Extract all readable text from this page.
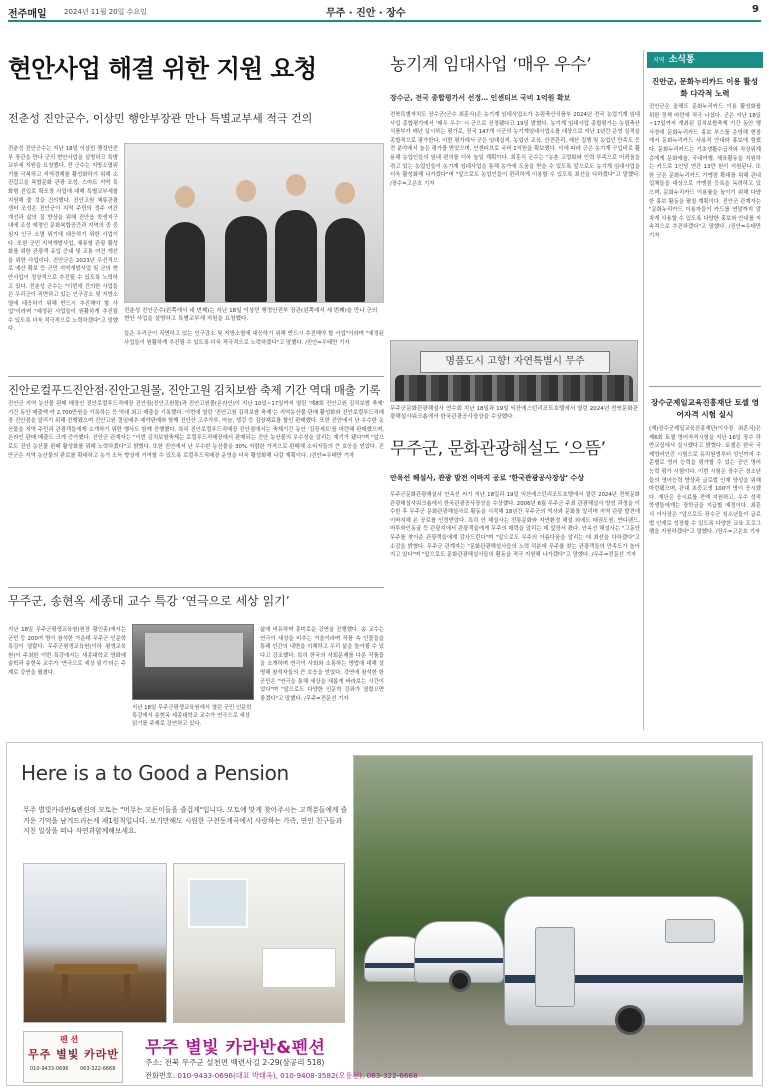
전주매일 2024년 11월 20일 수요일	무주 · 진안 · 장수	9
현안사업 해결 위한 지원 요청
전춘성 진안군수, 이상민 행안부장관 만나 특별교부세 적극 건의
전춘성 진안군수는 지난 18일 이상민 행정안전부 장관을 만나 군의 현안사업을 설명하고 특별교부세 지원을 요청했다. 전 군수는 지방소멸위기를 극복하고 지역경제를 활성화하기 위해 소진갑고을 복합문화 관광 조성, 스마트 지역 특화형 진입로 확포장 사업에 대해 특별교부세를 지원해 줄 것을 건의했다. 진안고원 체류관광 센터 조성은 진안군이 지역 주민의 정주 여건 개선과 삶의 질 향상을 위해 진안읍 학생지구 내에 조성 예정인 문화복합공간과 지역의 중 중심지 인구 소멸 위기에 대응하기 위한 사업이다. 또한 군민 지역개발사업, 체류형 관광 활성화를 위한 관광객 유입 증대 및 교통 여건 개선을 위한 사업이다. 진안군은 2023년 우선적으로 예산 확보 등 군민 지역개발사업 및 군의 현안사업이 정상적으로 추진될 수 있도록 노력하고 있다. 전춘성 군수는 "이번에 건의한 사업들은 우리군이 직면하고 있는 인구감소 및 지방소멸에 대응하기 위해 반드시 추진해야 할 사업"이라며 "예정된 사업들이 원활하게 추진될 수 있도록 더욱 적극적으로 노력하겠다"고 말했다.
전춘성 진안군수(왼쪽에서 네 번째)는 지난 18일 이상민 행정안전부 장관(왼쪽에서 세 번째)을 만나 군의 현안 사업을 설명하고 특별교부세 지원을 요청했다.
들은 우리군이 직면하고 있는 인구감소 및 지방소멸에 대응하기 위해 반드시 추진해야 할 사업"이라며 "예정된 사업들이 원활하게 추진될 수 있도록 더욱 적극적으로 노력하겠다"고 말했다. /진안=우태만 기자
농기계 임대사업 ‘매우 우수’
장수군, 전국 종합평가서 선정… 인센티브 국비 1억원 확보
전북특별자치도 장수군(군수 최훈식)은 농기계 임대사업소가 농림축산식품부 2024년 전국 농업기계 임대사업 종합평가에서 '매우 우수' 시·군으로 선정됐다고 19일 밝혔다. 농기계 임대사업 종합평가는 농림축산식품부가 매년 실시하는 평가로, 전국 147개 시군의 농기계임대사업소를 대상으로 지난 1년간 운영 실적을 종합적으로 평가한다. 이번 평가에서 군은 임대실적, 농업인 교육, 안전관리, 예산 집행 및 농업인 만족도 등 전 분야에서 높은 평가를 받았으며, 인센티브로 국비 1억원을 확보했다. 이에 따라 군은 농기계 구입비로 활용해 농업인들의 임대 편의를 더욱 높일 계획이다. 최훈식 군수는 "농촌 고령화와 인력 부족으로 어려움을 겪고 있는 농업인들이 농기계 임대사업을 통해 농가에 도움을 받을 수 있도록 앞으로도 농기계 임대사업을 더욱 활성화해 나가겠다"며 "앞으로도 농업인들이 편리하게 이용할 수 있도록 최선을 다하겠다"고 말했다. /장수=고은호 기자
명품도시 고향! 자연특별시 무주
무주군문화관광해설사 연수회 지난 18일과 19일 익산에스턴리조트호텔에서 열린 2024년 전북문화관광해설사워크숍에서 한국관광공사장상을 수상했다.
무주군, 문화관광해설도 ‘으뜸’
안옥선 해설사, 관광 발전 이바지 공로 ‘한국관광공사장상’ 수상
무주군문화관광해설사 안옥선 씨가 지난 18일과 19일 익산에스턴리조트호텔에서 열린 2024년 전북문화관광해설사워크숍에서 한국관광공사장상을 수상했다. 2006년 6월 무주군 주최 관광해설사 양성 과정을 이수한 후 무주군 문화관광해설사로 활동을 시작해 18년간 무주군의 역사와 문화를 알리며 지역 관광 발전에 이바지해 온 공로를 인정받았다. 특히 안 해설사는 전통문화와 자연환경 해설 외에도 태권도원, 반디랜드, 머루와인동굴 등 관광지에서 관광객들에게 무주의 매력을 알리는 데 앞장서 왔다. 안옥선 해설사는 "그동안 무주를 찾아준 관광객들에게 감사드린다"며 "앞으로도 무주의 아름다움을 알리는 데 최선을 다하겠다"고 소감을 밝혔다. 무주군 관계자는 "문화관광해설사들의 노력 덕분에 무주를 찾는 관광객들의 만족도가 높아지고 있다"며 "앞으로도 문화관광해설사들의 활동을 적극 지원해 나가겠다"고 말했다. /무주=전문선 기자
진안로컬푸드진안점·진안고원몰, 진안고원 김치보쌈 축제 기간 역대 매출 기록
진안군 지역 농산물 판매 매장인 진안로컬푸드직매장 진안점(진안고원몰)과 진안고원몰(온라인)이 지난 10일~17일까지 열린 '제8회 진안고원 김치보쌈 축제' 기간 동안 매출액 약 2,700만원을 기록하는 등 역대 최고 매출을 기록했다. 이번에 열린 '진안고원 김치보쌈 축제'는 지역농산물 판매 활성화와 진안로컬푸드직매장 진안점을 알리기 위해 진행됐으며 진안고원 절임배추 예약판매와 함께 진안산 고추가루, 마늘, 생강 등 김장재료를 할인 판매했다. 또한 진안에서 난 우수한 농산물을 지역 주민과 관광객들에게 소개하기 위한 행사도 함께 진행했다. 특히 진안로컬푸드직매장 진안점에서는 축제기간 동안 '김장세트'를 마련해 판매했으며, 온라인 판매 매출도 크게 증가했다. 진안군 관계자는 "이번 김치보쌈축제는 로컬푸드직매장에서 판매되는 진안 농산물의 우수성을 알리는 계기가 됐다"며 "앞으로도 진안 농산물 판매 활성화를 위해 노력하겠다"고 밝혔다. 또한 진안에서 난 우수한 농산물을 30% 저렴한 가격으로 판매해 소비자들의 큰 호응을 얻었다. 진안군은 지역 농산물의 판로를 확대하고 농가 소득 향상에 기여할 수 있도록 로컬푸드직매장 운영을 더욱 활성화해 나갈 계획이다. /진안=우태만 기자
무주군, 송현옥 세종대 교수 특강 ‘연극으로 세상 읽기’
지난 18일 무주군평생교육원(원장 황인홍)에서는 군민 등 200여 명이 참석한 가운데 무주군 인문학 특강이 열렸다. 무주군평생교육원(이하 평생교육원)이 주최한 이번 특강에서는 세종대학교 영화예술학과 송현옥 교수가 '연극으로 세상 읽기'라는 주제로 강연을 펼쳤다.
지난 18일 무주군평생교육원에서 열린 군민 인문학 특강에서 송현옥 세종대학교 교수가 연극으로 세상 읽기를 주제로 강연하고 있다.
삶에 비유하며 흥미로운 강연을 진행했다. 송 교수는 연극이 세상을 비추는 거울이라며 작품 속 인물들을 통해 인간의 내면을 이해하고 우리 삶을 돌아볼 수 있다고 강조했다. 특히 한국의 사회문제를 다룬 작품들을 소개하며 연극이 사회와 소통하는 방법에 대해 설명해 참석자들의 큰 호응을 얻었다. 강연에 참석한 한 군민은 "연극을 통해 세상을 새롭게 바라보는 시간이었다"며 "앞으로도 다양한 인문학 강좌가 열렸으면 좋겠다"고 말했다. /무주=전문선 기자
지역 소식통
진안군, 문화누리카드 이용 활성화 다각적 노력
진안군은 올해도 문화누리카드 이용 활성화를 위한 정책 마련에 적극 나섰다. 군은 지난 18일~17일까지 개최된 김치보쌈축제 기간 동안 행사장에 문화누리카드 홍보 부스를 운영해 현장에서 문화누리카드 사용처 안내와 홍보에 힘썼다. 문화누리카드는 기초생활수급자와 차상위계층에게 문화예술, 국내여행, 체육활동을 지원하는 카드로 1인당 연간 13만 원이 지원된다. 또한 군은 문화누리카드 가맹점 확대를 위해 관내 업체들을 대상으로 가맹점 등록을 독려하고 있으며, 문화누리카드 이용률을 높이기 위해 다양한 홍보 활동을 펼칠 계획이다. 진안군 관계자는 "문화누리카드 이용자들이 카드를 연말까지 알차게 사용할 수 있도록 다양한 홍보와 안내를 지속적으로 추진하겠다"고 말했다. /진안=우태만 기자
장수군제일교육진흥재단 토셀 영어자격 시험 실시
(재)장수군제일교육진흥재단(이사장 최훈식)은 제6회 토셀 영어자격시험을 지난 16일 장수 하반교실에서 실시했다고 밝혔다. 토셀은 한국 국제영어인증 시험으로 유치원생부터 성인까지 수준별로 영어 능력을 평가할 수 있는 공인 영어 능력 평가 시험이다. 이번 시험은 장수군 청소년들의 영어능력 향상과 글로벌 인재 양성을 위해 마련됐으며, 관내 초중고생 100여 명이 응시했다. 재단은 응시료를 전액 지원하고, 우수 성적 학생들에게는 장학금을 지급할 예정이다. 최훈식 이사장은 "앞으로도 장수군 청소년들이 글로벌 인재로 성장할 수 있도록 다양한 교육 프로그램을 지원하겠다"고 말했다. /장수=고은호 기자
Here is a to Good a Pension
무주 별빛카라반&펜션의 모토는 "머무는 모든이들을 즐겁게"입니다. 모토에 맞게 찾아주시는 고객분들에게 즐거운 기억을 남겨드리는게 제1원칙입니다. 보기만해도 시원한 구천동계곡에서 사랑하는 가족, 연인 친구들과 지친 일상을 떠나 자연과함께해보세요.
펜 션
무주 별빛 카라반
010-9433-0696 063-322-6668
무주 별빛 카라반&펜션
주소: 전북 무주군 설천면 백련사길 2-29(삼공리 518)
전화번호: 010-9433-0696(대표 박태옥), 010-9408-3582(오용선), 063-322-6668
